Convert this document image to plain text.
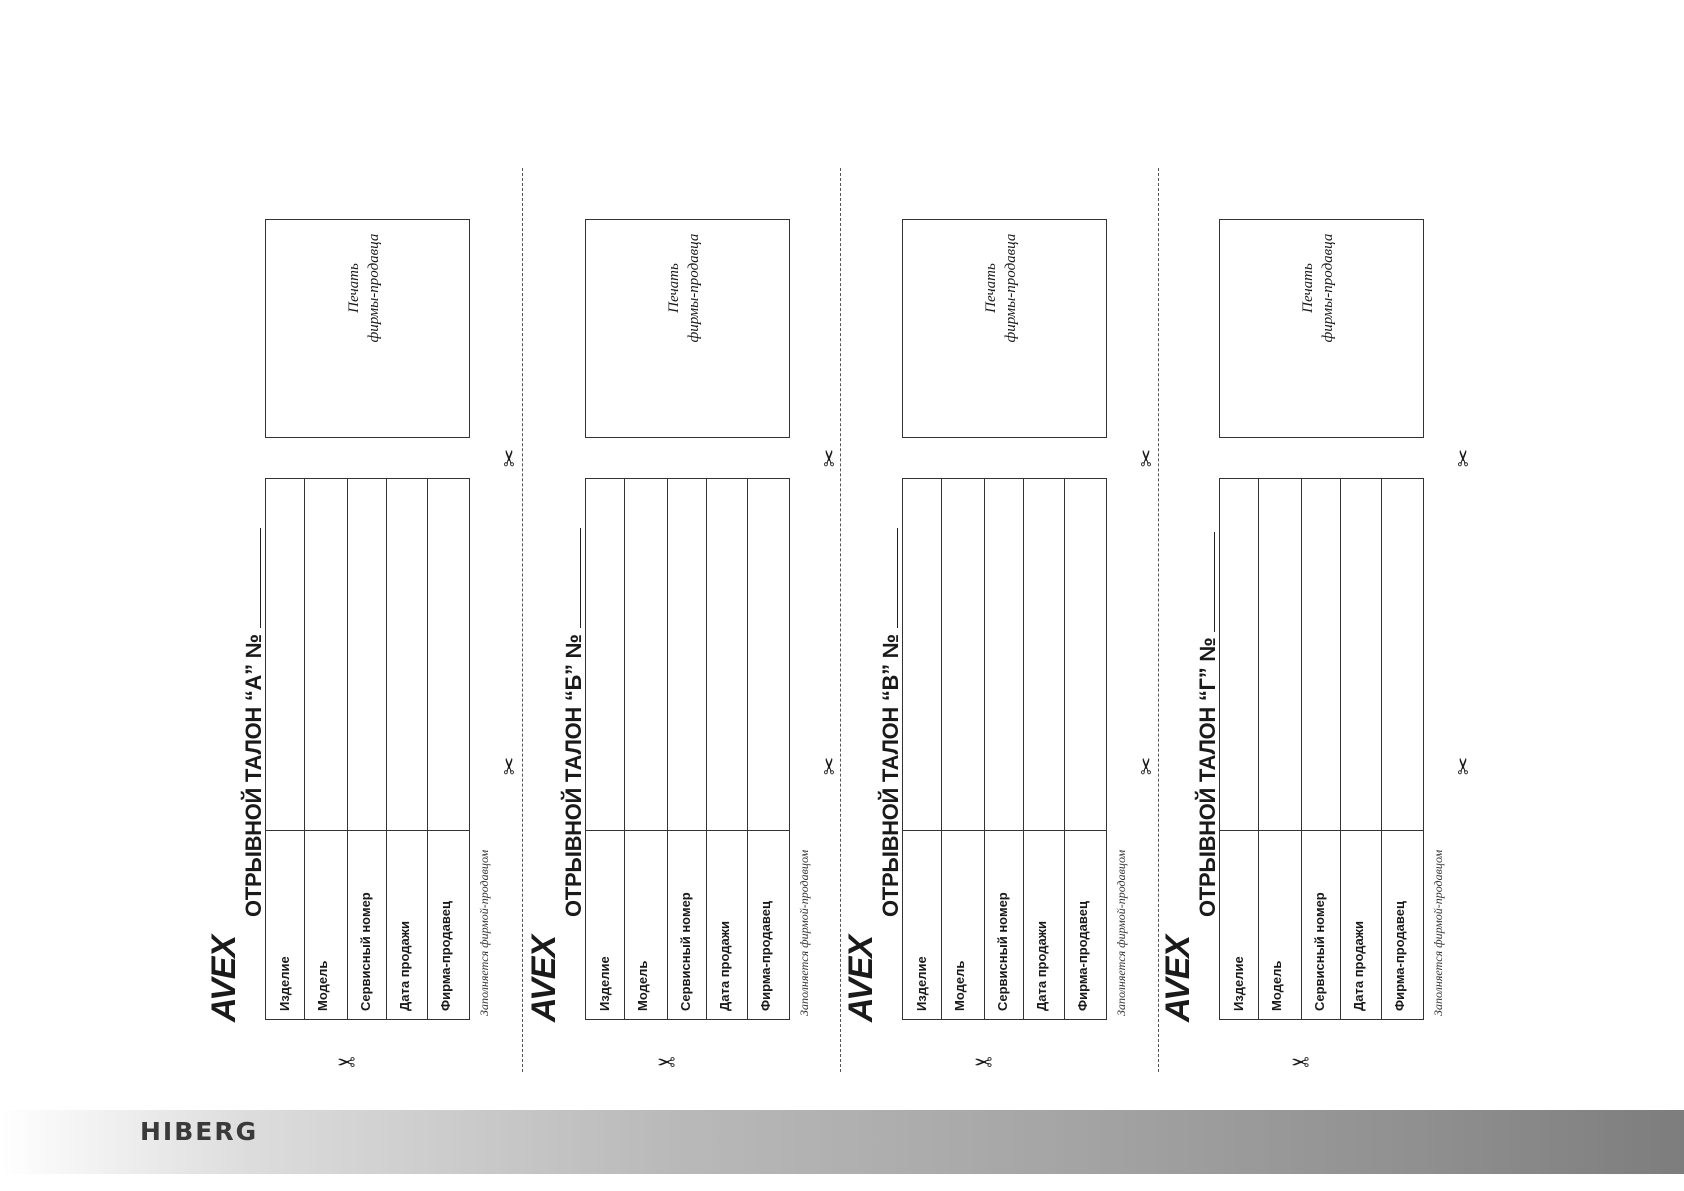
AVEX
ОТРЫВНОЙ ТАЛОН “А” №
Изделие Модель Сервисный номер Дата продажи Фирма-продавец
Печать фирмы-продавца
Заполняется фирмой-продавцом
✂
✂
✂
AVEX
ОТРЫВНОЙ ТАЛОН “Б” №
Изделие Модель Сервисный номер Дата продажи Фирма-продавец
Печать фирмы-продавца
Заполняется фирмой-продавцом
✂
✂
✂
AVEX
ОТРЫВНОЙ ТАЛОН “В” №
Изделие Модель Сервисный номер Дата продажи Фирма-продавец
Печать фирмы-продавца
Заполняется фирмой-продавцом
✂
✂
✂
AVEX
ОТРЫВНОЙ ТАЛОН “Г” №
Изделие Модель Сервисный номер Дата продажи Фирма-продавец
Печать фирмы-продавца
Заполняется фирмой-продавцом
✂
✂
✂
HIBERG
